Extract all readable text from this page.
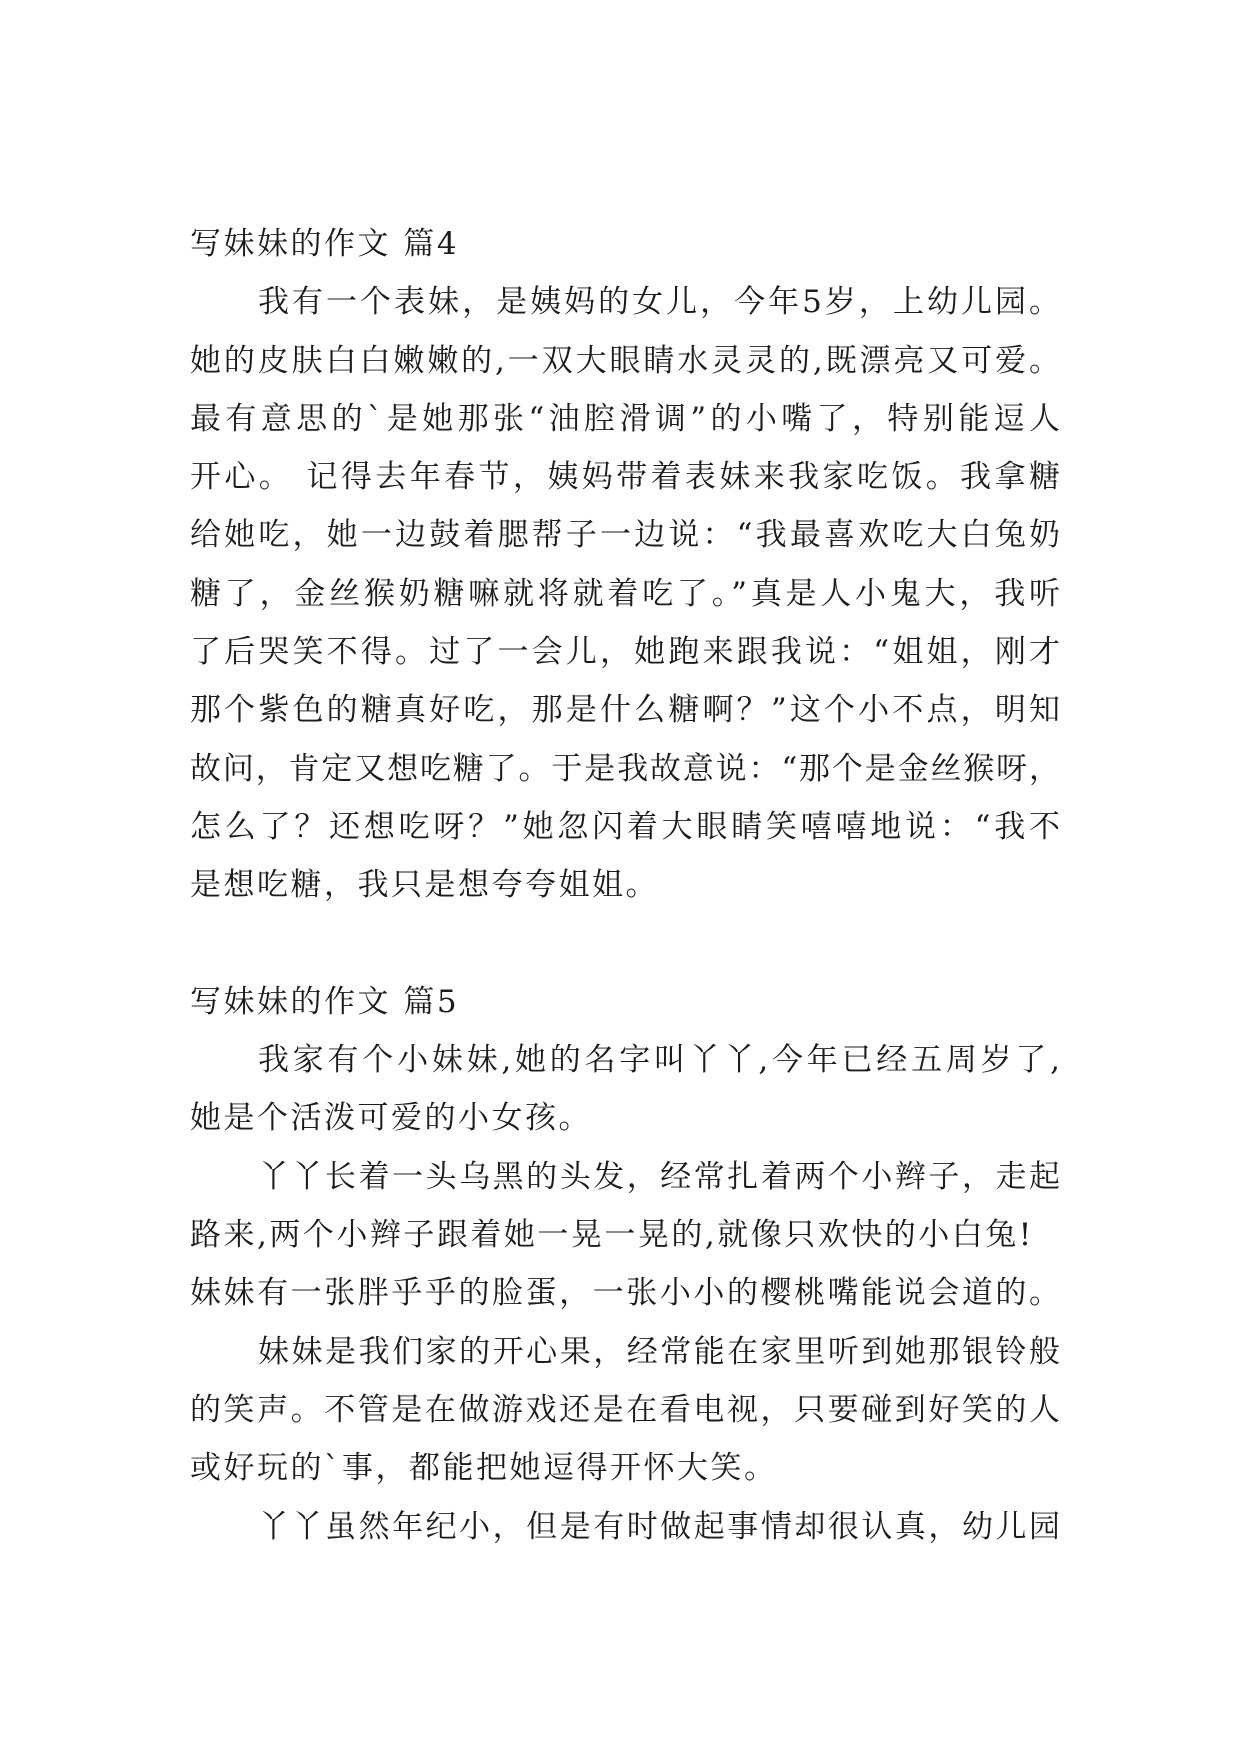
写妹妹的作文 篇4
我有一个表妹，是姨妈的女儿，今年5岁，上幼儿园。
她的皮肤白白嫩嫩的,一双大眼睛水灵灵的,既漂亮又可爱。
最有意思的`是她那张“油腔滑调”的小嘴了，特别能逗人
开心。 记得去年春节，姨妈带着表妹来我家吃饭。我拿糖
给她吃，她一边鼓着腮帮子一边说：“我最喜欢吃大白兔奶
糖了，金丝猴奶糖嘛就将就着吃了。”真是人小鬼大，我听
了后哭笑不得。过了一会儿，她跑来跟我说：“姐姐，刚才
那个紫色的糖真好吃，那是什么糖啊？”这个小不点，明知
故问，肯定又想吃糖了。于是我故意说：“那个是金丝猴呀，
怎么了？还想吃呀？”她忽闪着大眼睛笑嘻嘻地说：“我不
是想吃糖，我只是想夸夸姐姐。
写妹妹的作文 篇5
我家有个小妹妹,她的名字叫丫丫,今年已经五周岁了,
她是个活泼可爱的小女孩。
丫丫长着一头乌黑的头发，经常扎着两个小辫子，走起
路来,两个小辫子跟着她一晃一晃的,就像只欢快的小白兔!
妹妹有一张胖乎乎的脸蛋，一张小小的樱桃嘴能说会道的。
妹妹是我们家的开心果，经常能在家里听到她那银铃般
的笑声。不管是在做游戏还是在看电视，只要碰到好笑的人
或好玩的`事，都能把她逗得开怀大笑。
丫丫虽然年纪小，但是有时做起事情却很认真，幼儿园
